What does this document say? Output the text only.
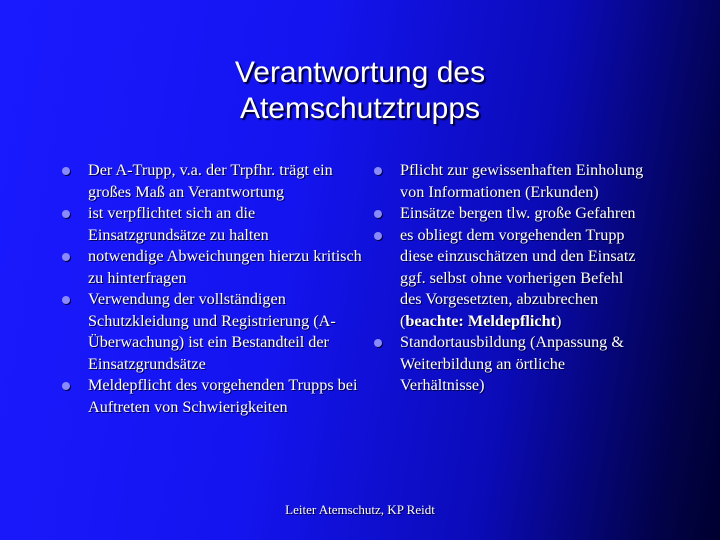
Verantwortung des
Atemschutztrupps
Der A-Trupp, v.a. der Trpfhr. trägt ein großes Maß an Verantwortung
ist verpflichtet sich an die Einsatzgrundsätze zu halten
notwendige Abweichungen hierzu kritisch zu hinterfragen
Verwendung der vollständigen Schutzkleidung und Registrierung (A-Überwachung) ist ein Bestandteil der Einsatzgrundsätze
Meldepflicht des vorgehenden Trupps bei Auftreten von Schwierigkeiten
Pflicht zur gewissenhaften Einholung von Informationen (Erkunden)
Einsätze bergen tlw. große Gefahren
es obliegt dem vorgehenden Trupp diese einzuschätzen und den Einsatz ggf. selbst ohne vorherigen Befehl des Vorgesetzten, abzubrechen (beachte: Meldepflicht)
Standortausbildung (Anpassung & Weiterbildung an örtliche Verhältnisse)
Leiter Atemschutz, KP Reidt
